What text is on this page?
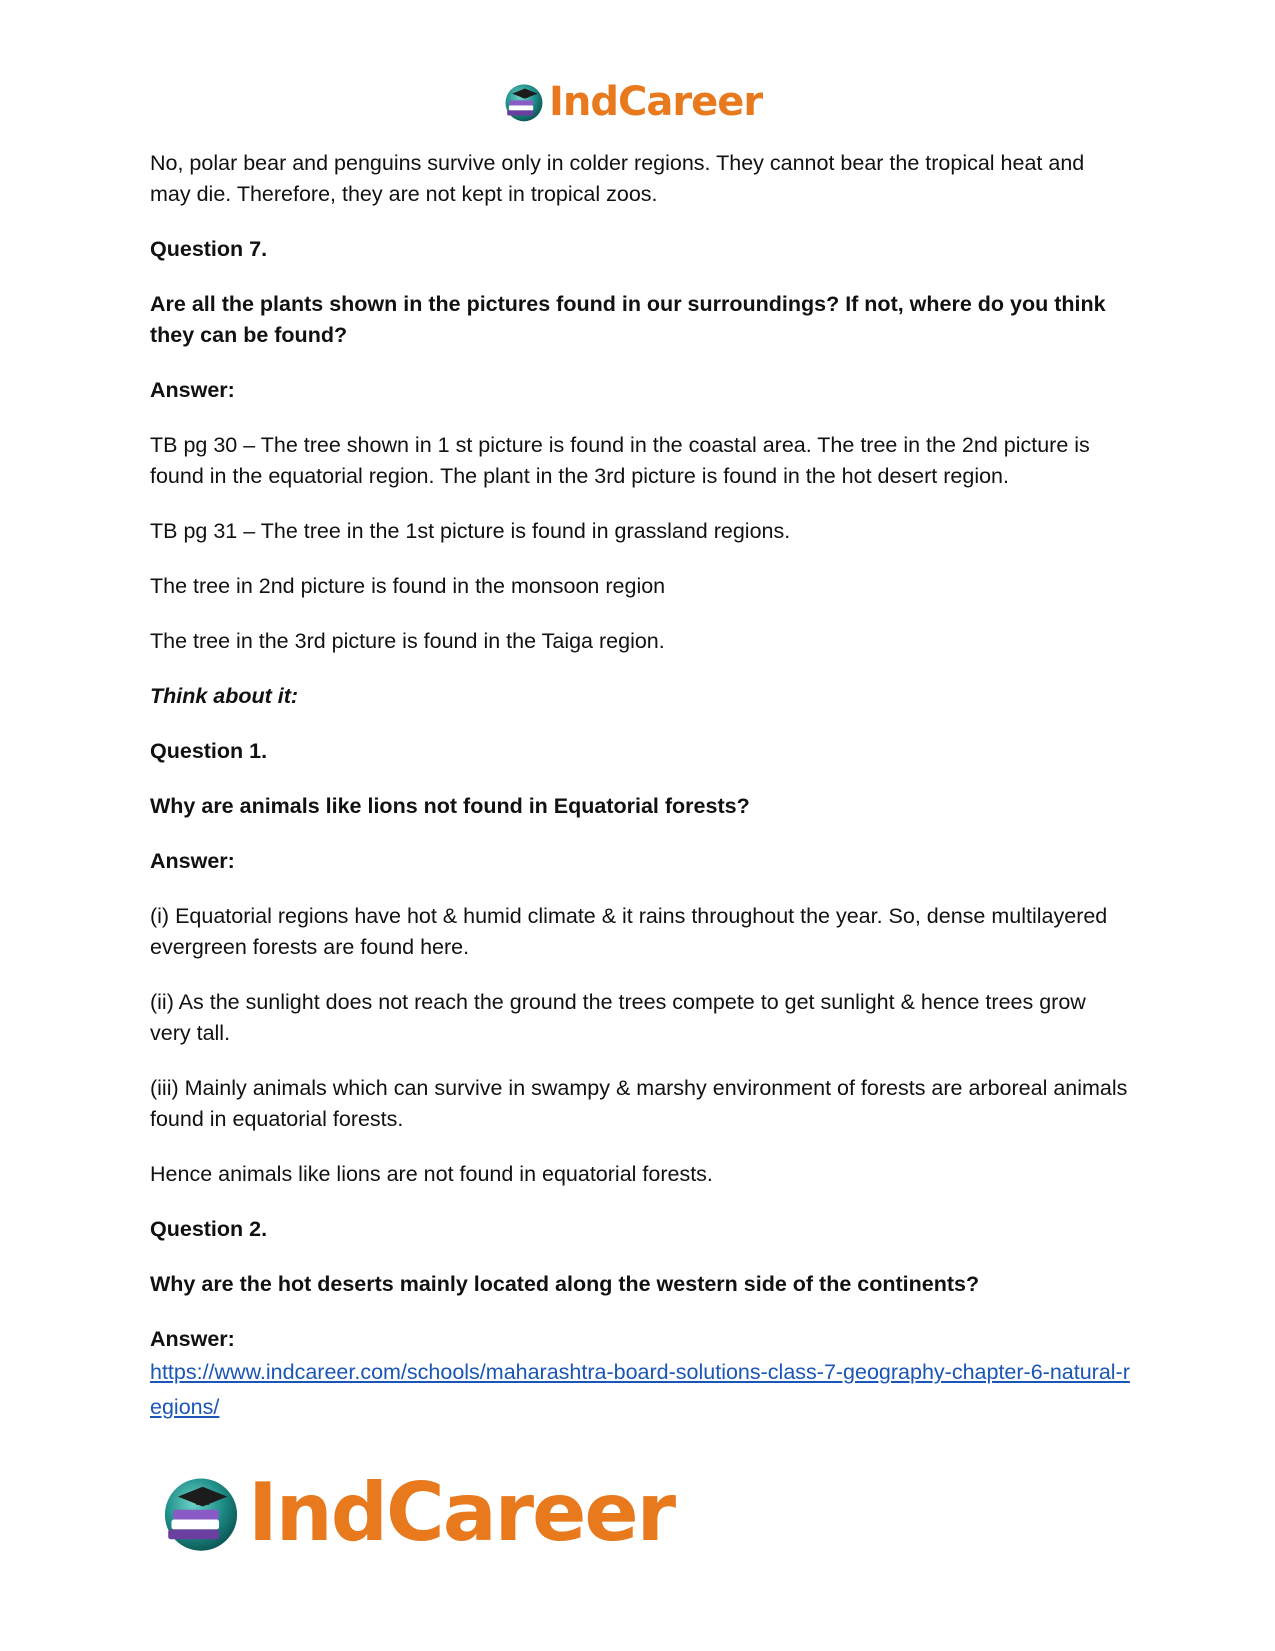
IndCareer

No, polar bear and penguins survive only in colder regions. They cannot bear the tropical heat and may die. Therefore, they are not kept in tropical zoos.

Question 7.

Are all the plants shown in the pictures found in our surroundings? If not, where do you think they can be found?

Answer:

TB pg 30 – The tree shown in 1 st picture is found in the coastal area. The tree in the 2nd picture is found in the equatorial region. The plant in the 3rd picture is found in the hot desert region.

TB pg 31 – The tree in the 1st picture is found in grassland regions.

The tree in 2nd picture is found in the monsoon region

The tree in the 3rd picture is found in the Taiga region.

Think about it:

Question 1.

Why are animals like lions not found in Equatorial forests?

Answer:

(i) Equatorial regions have hot & humid climate & it rains throughout the year. So, dense multilayered evergreen forests are found here.

(ii) As the sunlight does not reach the ground the trees compete to get sunlight & hence trees grow very tall.

(iii) Mainly animals which can survive in swampy & marshy environment of forests are arboreal animals found in equatorial forests.

Hence animals like lions are not found in equatorial forests.

Question 2.

Why are the hot deserts mainly located along the western side of the continents?

Answer:

https://www.indcareer.com/schools/maharashtra-board-solutions-class-7-geography-chapter-6-natural-regions/
IndCareer
